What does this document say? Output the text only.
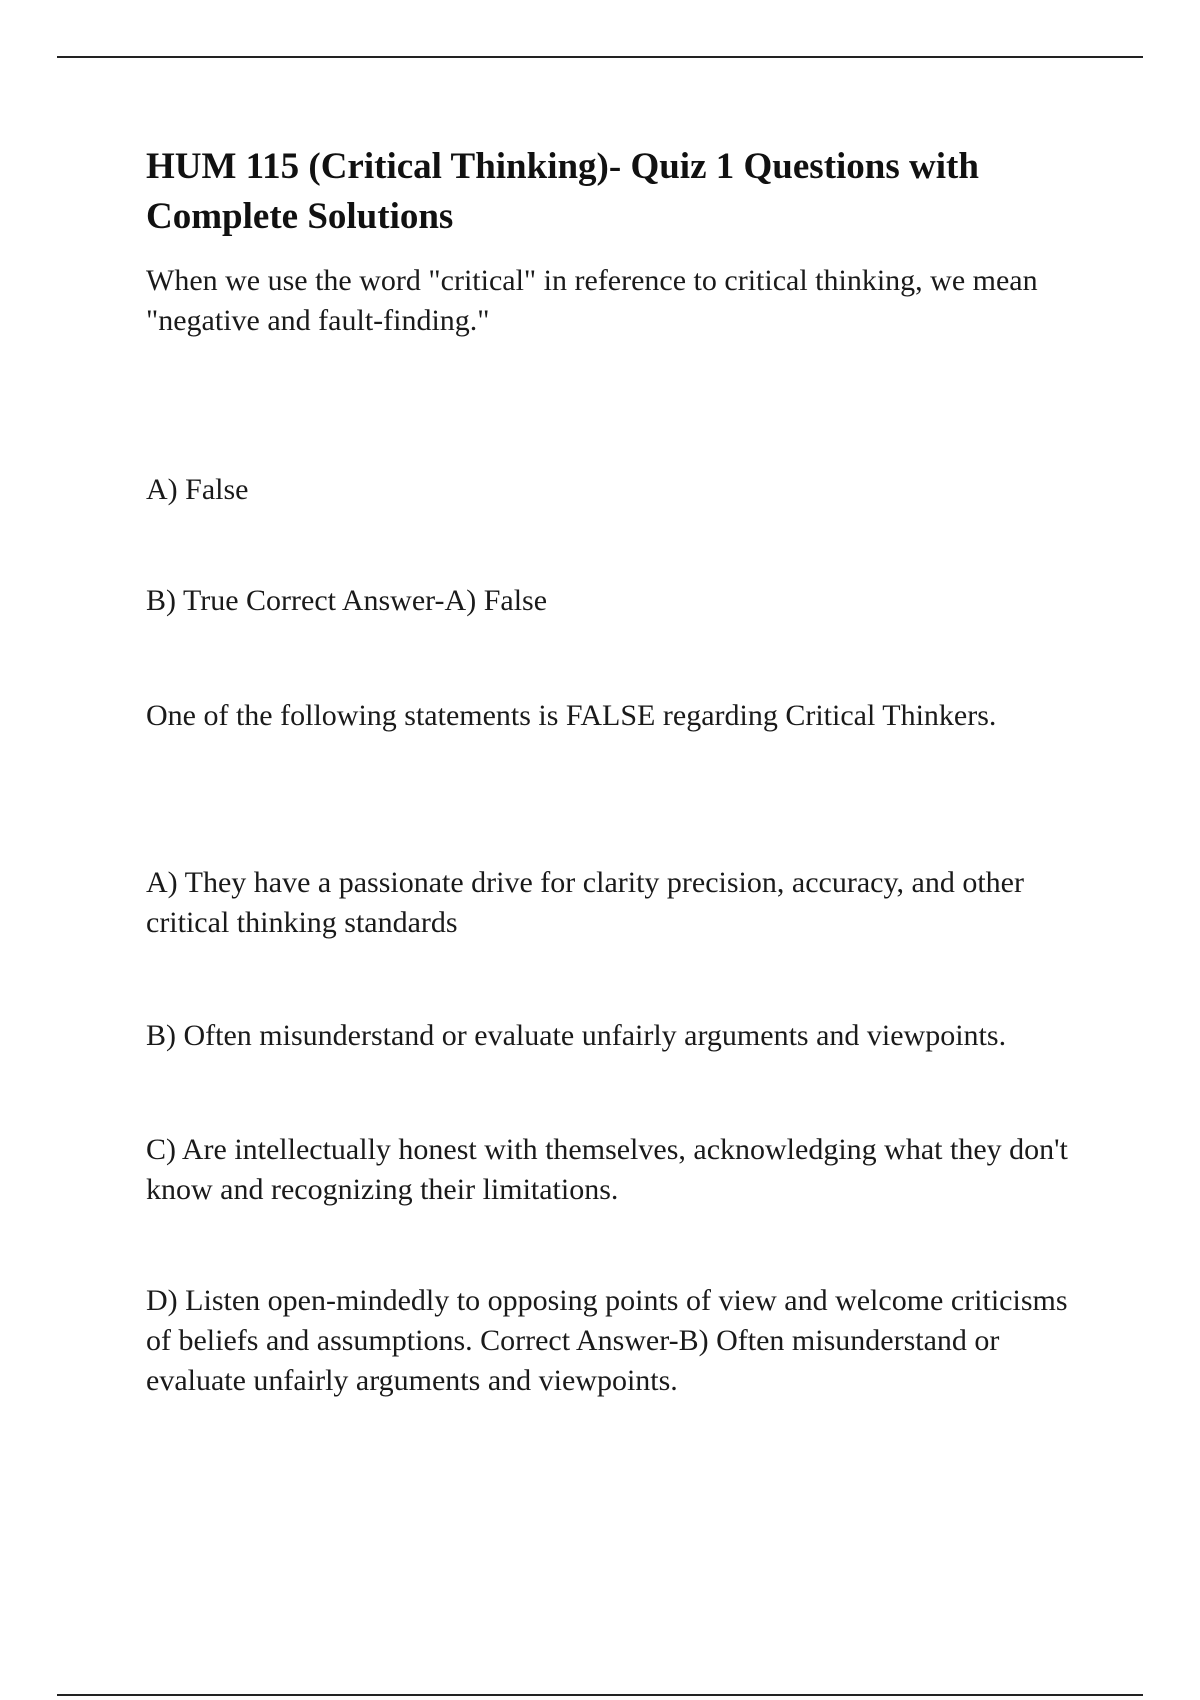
HUM 115 (Critical Thinking)- Quiz 1 Questions with Complete Solutions

When we use the word "critical" in reference to critical thinking, we mean "negative and fault-finding."

A) False

B) True Correct Answer-A) False

One of the following statements is FALSE regarding Critical Thinkers.

A) They have a passionate drive for clarity precision, accuracy, and other critical thinking standards

B) Often misunderstand or evaluate unfairly arguments and viewpoints.

C) Are intellectually honest with themselves, acknowledging what they don't know and recognizing their limitations.

D) Listen open-mindedly to opposing points of view and welcome criticisms of beliefs and assumptions. Correct Answer-B) Often misunderstand or evaluate unfairly arguments and viewpoints.
